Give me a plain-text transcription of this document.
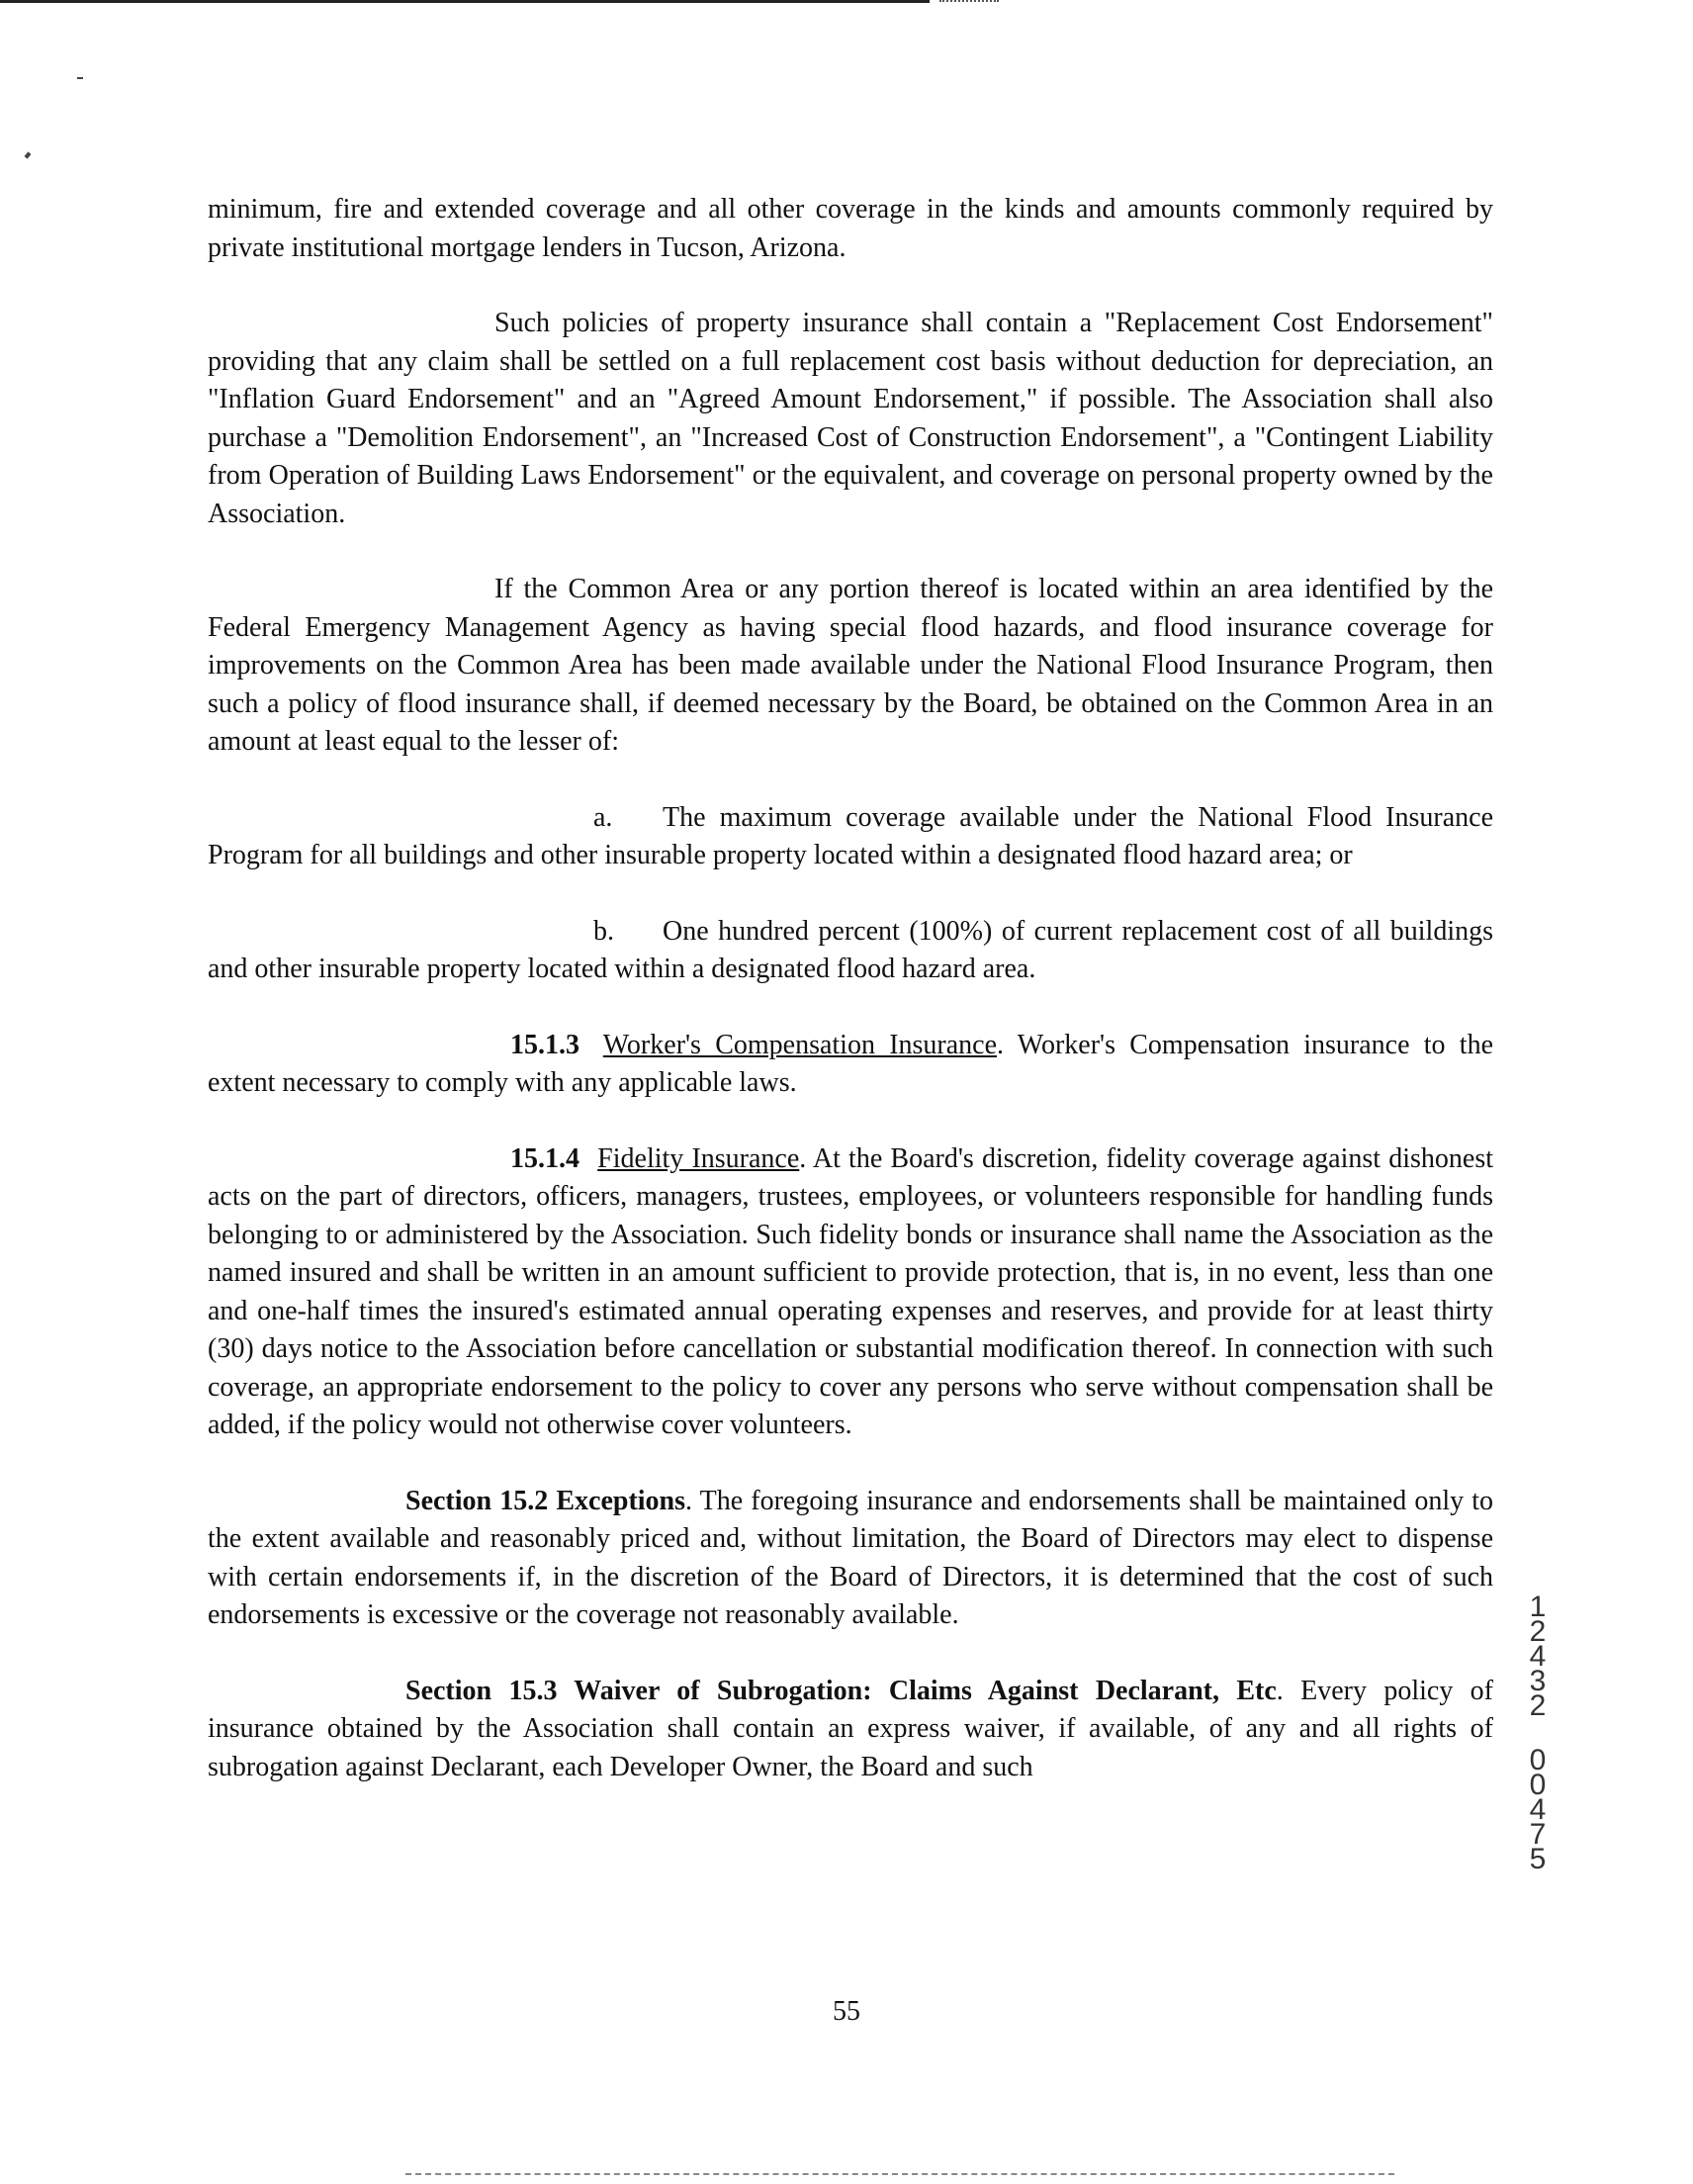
minimum, fire and extended coverage and all other coverage in the kinds and amounts commonly required by private institutional mortgage lenders in Tucson, Arizona.

Such policies of property insurance shall contain a "Replacement Cost Endorsement" providing that any claim shall be settled on a full replacement cost basis without deduction for depreciation, an "Inflation Guard Endorsement" and an "Agreed Amount Endorsement," if possible. The Association shall also purchase a "Demolition Endorsement", an "Increased Cost of Construction Endorsement", a "Contingent Liability from Operation of Building Laws Endorsement" or the equivalent, and coverage on personal property owned by the Association.

If the Common Area or any portion thereof is located within an area identified by the Federal Emergency Management Agency as having special flood hazards, and flood insurance coverage for improvements on the Common Area has been made available under the National Flood Insurance Program, then such a policy of flood insurance shall, if deemed necessary by the Board, be obtained on the Common Area in an amount at least equal to the lesser of:

a. The maximum coverage available under the National Flood Insurance Program for all buildings and other insurable property located within a designated flood hazard area; or

b. One hundred percent (100%) of current replacement cost of all buildings and other insurable property located within a designated flood hazard area.

15.1.3 Worker's Compensation Insurance. Worker's Compensation insurance to the extent necessary to comply with any applicable laws.

15.1.4 Fidelity Insurance. At the Board's discretion, fidelity coverage against dishonest acts on the part of directors, officers, managers, trustees, employees, or volunteers responsible for handling funds belonging to or administered by the Association. Such fidelity bonds or insurance shall name the Association as the named insured and shall be written in an amount sufficient to provide protection, that is, in no event, less than one and one-half times the insured's estimated annual operating expenses and reserves, and provide for at least thirty (30) days notice to the Association before cancellation or substantial modification thereof. In connection with such coverage, an appropriate endorsement to the policy to cover any persons who serve without compensation shall be added, if the policy would not otherwise cover volunteers.

Section 15.2 Exceptions. The foregoing insurance and endorsements shall be maintained only to the extent available and reasonably priced and, without limitation, the Board of Directors may elect to dispense with certain endorsements if, in the discretion of the Board of Directors, it is determined that the cost of such endorsements is excessive or the coverage not reasonably available.

Section 15.3 Waiver of Subrogation: Claims Against Declarant, Etc. Every policy of insurance obtained by the Association shall contain an express waiver, if available, of any and all rights of subrogation against Declarant, each Developer Owner, the Board and such

1
2
4
3
2
0
0
4
7
5
55
